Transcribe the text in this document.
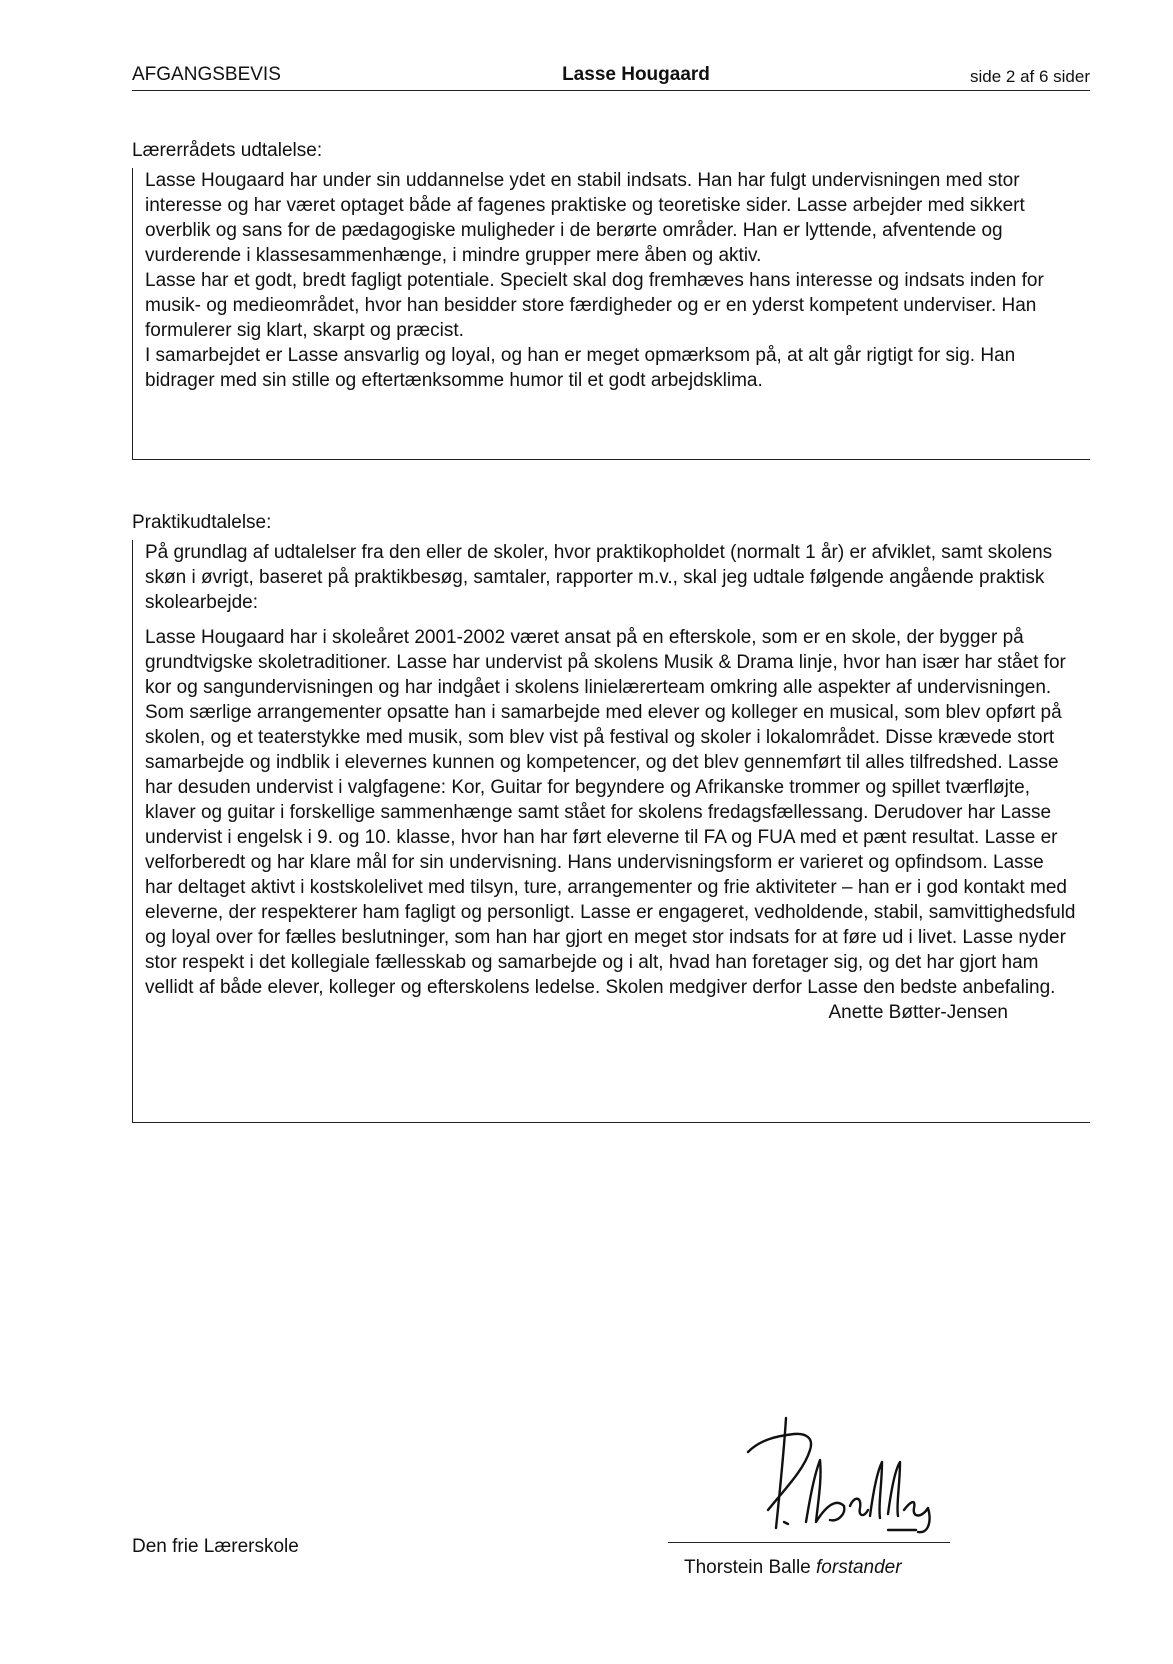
AFGANGSBEVIS	Lasse Hougaard	side 2 af 6 sider
Lærerrådets udtalelse:

Lasse Hougaard har under sin uddannelse ydet en stabil indsats. Han har fulgt undervisningen med stor interesse og har været optaget både af fagenes praktiske og teoretiske sider. Lasse arbejder med sikkert overblik og sans for de pædagogiske muligheder i de berørte områder. Han er lyttende, afventende og vurderende i klassesammenhænge, i mindre grupper mere åben og aktiv.

Lasse har et godt, bredt fagligt potentiale. Specielt skal dog fremhæves hans interesse og indsats inden for musik- og medieområdet, hvor han besidder store færdigheder og er en yderst kompetent underviser. Han formulerer sig klart, skarpt og præcist.

I samarbejdet er Lasse ansvarlig og loyal, og han er meget opmærksom på, at alt går rigtigt for sig. Han bidrager med sin stille og eftertænksomme humor til et godt arbejdsklima.

Praktikudtalelse:

På grundlag af udtalelser fra den eller de skoler, hvor praktikopholdet (normalt 1 år) er afviklet, samt skolens skøn i øvrigt, baseret på praktikbesøg, samtaler, rapporter m.v., skal jeg udtale følgende angående praktisk skolearbejde:

Lasse Hougaard har i skoleåret 2001-2002 været ansat på en efterskole, som er en skole, der bygger på grundtvigske skoletraditioner. Lasse har undervist på skolens Musik & Drama linje, hvor han især har stået for kor og sangundervisningen og har indgået i skolens linielærerteam omkring alle aspekter af undervisningen. Som særlige arrangementer opsatte han i samarbejde med elever og kolleger en musical, som blev opført på skolen, og et teaterstykke med musik, som blev vist på festival og skoler i lokalområdet. Disse krævede stort samarbejde og indblik i elevernes kunnen og kompetencer, og det blev gennemført til alles tilfredshed. Lasse har desuden undervist i valgfagene: Kor, Guitar for begyndere og Afrikanske trommer og spillet tværfløjte, klaver og guitar i forskellige sammenhænge samt stået for skolens fredagsfællessang. Derudover har Lasse undervist i engelsk i 9. og 10. klasse, hvor han har ført eleverne til FA og FUA med et pænt resultat. Lasse er velforberedt og har klare mål for sin undervisning. Hans undervisningsform er varieret og opfindsom. Lasse har deltaget aktivt i kostskolelivet med tilsyn, ture, arrangementer og frie aktiviteter – han er i god kontakt med eleverne, der respekterer ham fagligt og personligt. Lasse er engageret, vedholdende, stabil, samvittighedsfuld og loyal over for fælles beslutninger, som han har gjort en meget stor indsats for at føre ud i livet. Lasse nyder stor respekt i det kollegiale fællesskab og samarbejde og i alt, hvad han foretager sig, og det har gjort ham vellidt af både elever, kolleger og efterskolens ledelse. Skolen medgiver derfor Lasse den bedste anbefaling.

Anette Bøtter-Jensen

Den frie Lærerskole
Thorstein Balle forstander
